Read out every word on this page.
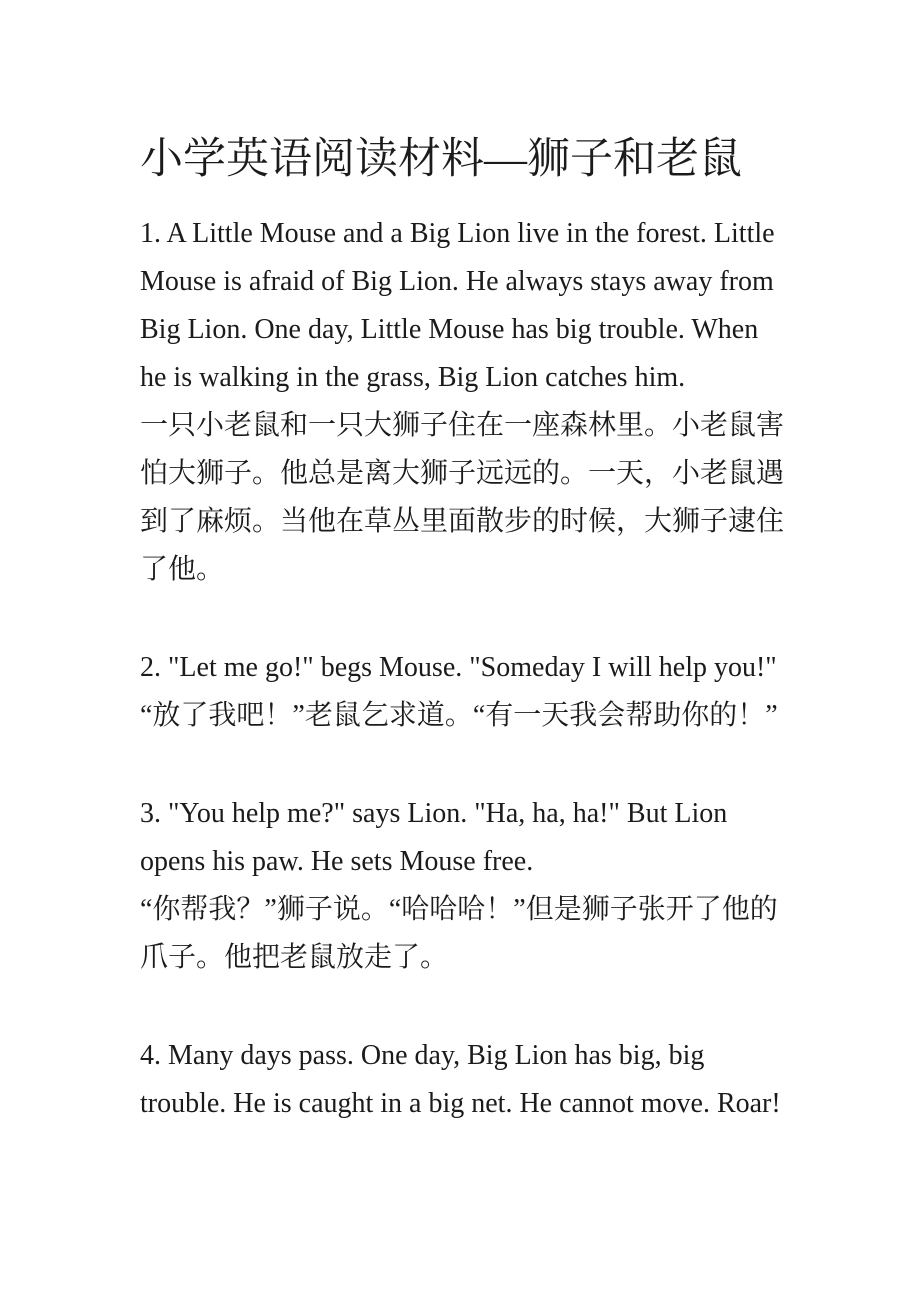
小学英语阅读材料—狮子和老鼠
1. A Little Mouse and a Big Lion live in the forest. Little
Mouse is afraid of Big Lion. He always stays away from
Big Lion. One day, Little Mouse has big trouble. When
he is walking in the grass, Big Lion catches him.
一只小老鼠和一只大狮子住在一座森林里。小老鼠害
怕大狮子。他总是离大狮子远远的。一天，小老鼠遇
到了麻烦。当他在草丛里面散步的时候，大狮子逮住
了他。
2. "Let me go!" begs Mouse. "Someday I will help you!"
“放了我吧！”老鼠乞求道。“有一天我会帮助你的！”
3. "You help me?" says Lion. "Ha, ha, ha!" But Lion
opens his paw. He sets Mouse free.
“你帮我？”狮子说。“哈哈哈！”但是狮子张开了他的
爪子。他把老鼠放走了。
4. Many days pass. One day, Big Lion has big, big
trouble. He is caught in a big net. He cannot move. Roar!
